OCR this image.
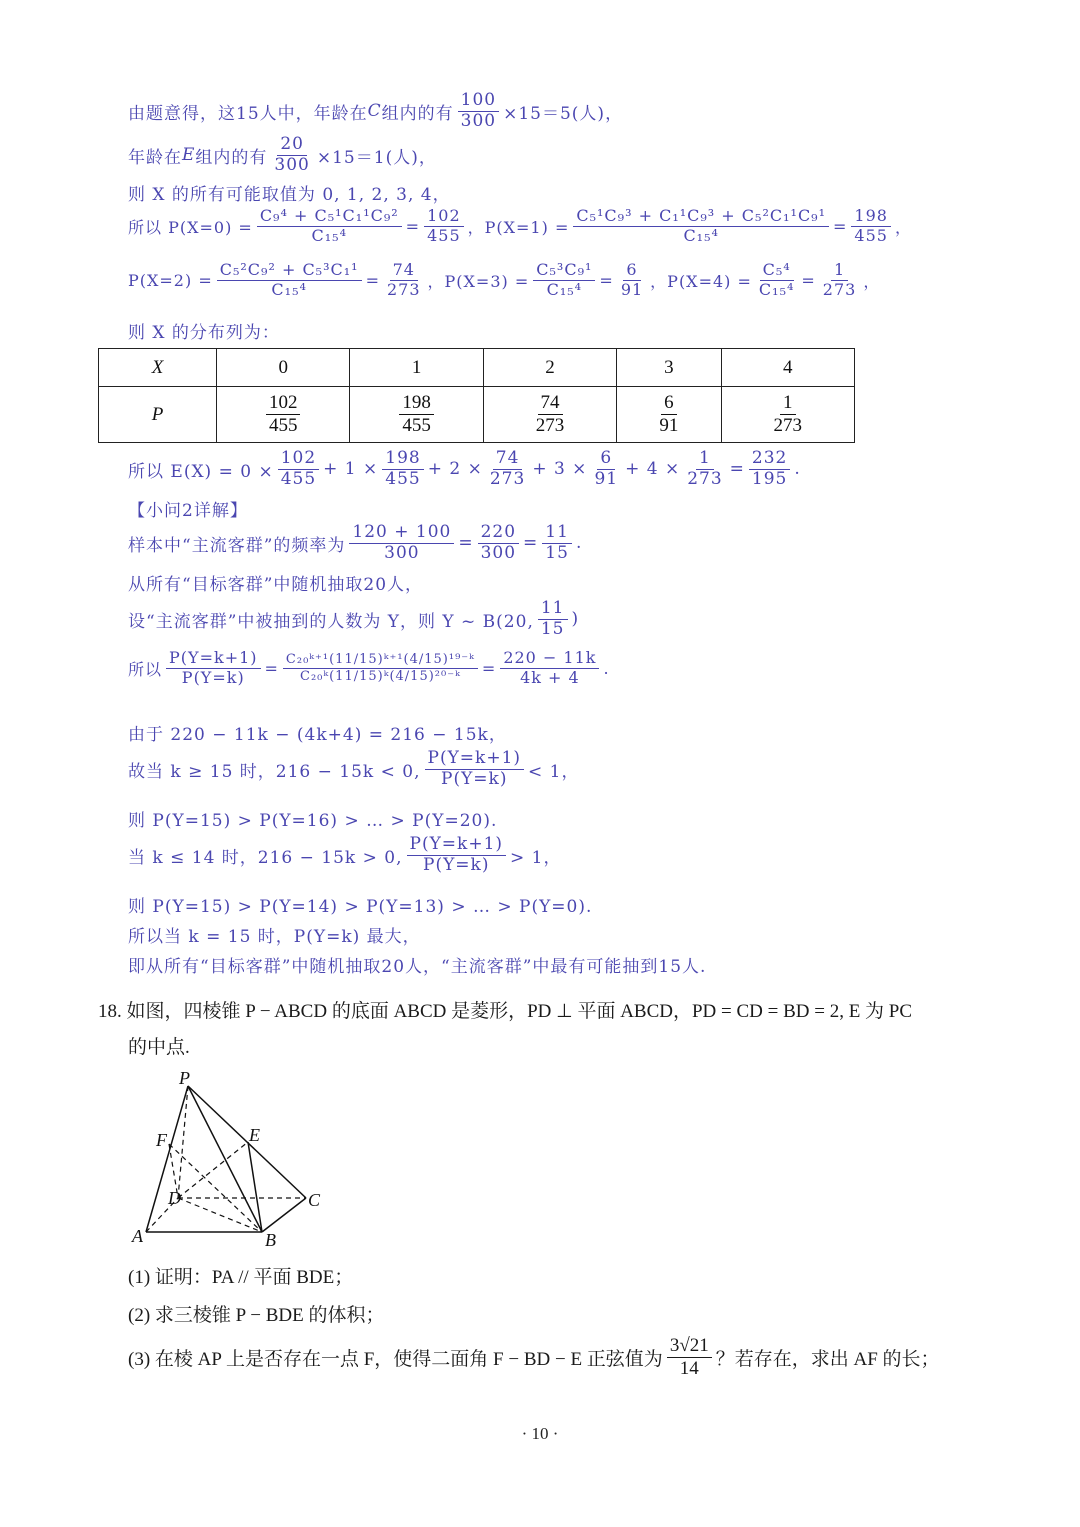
由题意得，这15人中，年龄在 C 组内的有 $\frac{100}{300} \times 15=5$(人)，
年龄在 E 组内的有 $\frac{20}{300} \times 15=1$(人)，
则 X 的所有可能取值为 0, 1, 2, 3, 4，
所以 $P(X=0) = \frac{\text{C₉⁴ + C₅¹C₁¹C₉²}}{\text{C₁₅⁴}} = \frac{102}{455}$ ，$P(X=1) = \frac{\text{C₅¹C₉³ + C₁¹C₉³ + C₅²C₁¹C₉¹}}{\text{C₁₅⁴}} = \frac{198}{455}$ ，
$P(X=2) = \frac{\text{C₅²C₉² + C₅³C₁¹}}{\text{C₁₅⁴}} = \frac{74}{273}$ ，$P(X=3) = \frac{\text{C₅³C₉¹}}{\text{C₁₅⁴}} = \frac{6}{91}$ ，$P(X=4) = \frac{\text{C₅⁴}}{\text{C₁₅⁴}} = \frac{1}{273}$ ，
则 X 的分布列为：
X	0	1	2	3	4
P	$\frac{102}{455}$	$\frac{198}{455}$	$\frac{74}{273}$	$\frac{6}{91}$	$\frac{1}{273}$
所以 $E(X) = 0 \times \frac{102}{455} + 1 \times \frac{198}{455} + 2 \times \frac{74}{273} + 3 \times \frac{6}{91} + 4 \times \frac{1}{273} = \frac{232}{195}$ .
【小问2详解】
样本中“主流客群”的频率为 $\frac{120 + 100}{300} = \frac{220}{300} = \frac{11}{15}$ .
从所有“目标客群”中随机抽取20人，
设“主流客群”中被抽到的人数为 Y，则 Y ~ B(20, $\frac{11}{15}$ )
所以 $\frac{P(Y=k+1)}{P(Y=k)} = \frac{\text{C₂₀ᵏ⁺¹(11/15)ᵏ⁺¹(4/15)¹⁹⁻ᵏ}}{\text{C₂₀ᵏ(11/15)ᵏ(4/15)²⁰⁻ᵏ}} = \frac{220 - 11k}{4k + 4}$ .
由于 220 − 11k − (4k+4) = 216 − 15k，
故当 k ≥ 15 时，216 − 15k < 0, $\frac{P(Y=k+1)}{P(Y=k)} < 1$，
则 P(Y=15) > P(Y=16) > … > P(Y=20).
当 k ≤ 14 时，216 − 15k > 0, $\frac{P(Y=k+1)}{P(Y=k)} > 1$，
则 P(Y=15) > P(Y=14) > P(Y=13) > … > P(Y=0).
所以当 k = 15 时，P(Y=k) 最大，
即从所有“目标客群”中随机抽取20人，“主流客群”中最有可能抽到15人.
18. 如图，四棱锥 P − ABCD 的底面 ABCD 是菱形，PD ⊥ 平面 ABCD，PD = CD = BD = 2, E 为 PC
的中点.
P
F	E
D	C
A	B
(1) 证明：PA // 平面 BDE；
(2) 求三棱锥 P − BDE 的体积；
(3) 在棱 AP 上是否存在一点 F，使得二面角 F − BD − E 正弦值为 $\frac{3√21}{14}$ ？若存在，求出 AF 的长；
· 10 ·
